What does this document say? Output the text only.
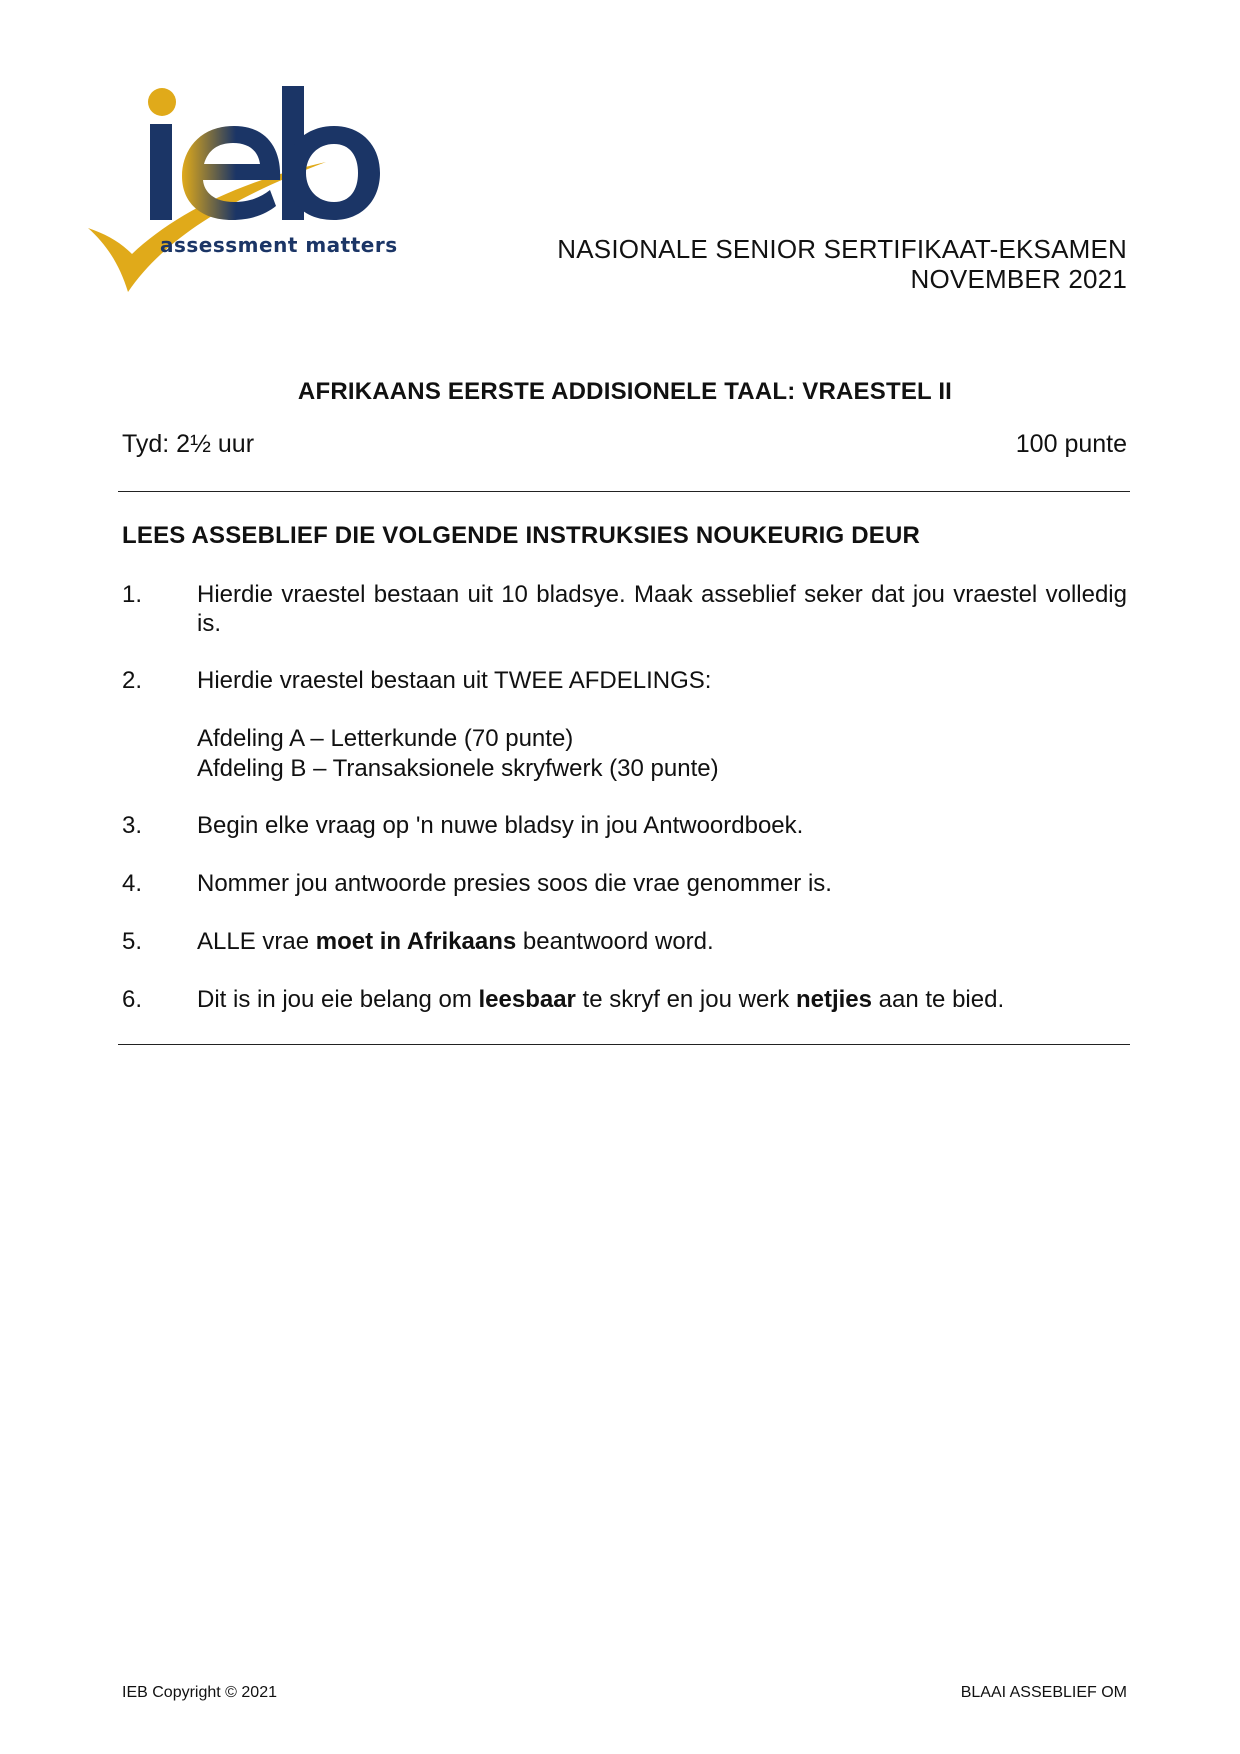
assessment matters	NASIONALE SENIOR SERTIFIKAAT-EKSAMEN
NOVEMBER 2021
AFRIKAANS EERSTE ADDISIONELE TAAL: VRAESTEL II
Tyd: 2½ uur	100 punte
LEES ASSEBLIEF DIE VOLGENDE INSTRUKSIES NOUKEURIG DEUR
1.	Hierdie vraestel bestaan uit 10 bladsye. Maak asseblief seker dat jou vraestel volledig is.
2.	Hierdie vraestel bestaan uit TWEE AFDELINGS:
Afdeling A – Letterkunde (70 punte)
Afdeling B – Transaksionele skryfwerk (30 punte)
3.	Begin elke vraag op 'n nuwe bladsy in jou Antwoordboek.
4.	Nommer jou antwoorde presies soos die vrae genommer is.
5.	ALLE vrae moet in Afrikaans beantwoord word.
6.	Dit is in jou eie belang om leesbaar te skryf en jou werk netjies aan te bied.
IEB Copyright © 2021	BLAAI ASSEBLIEF OM
